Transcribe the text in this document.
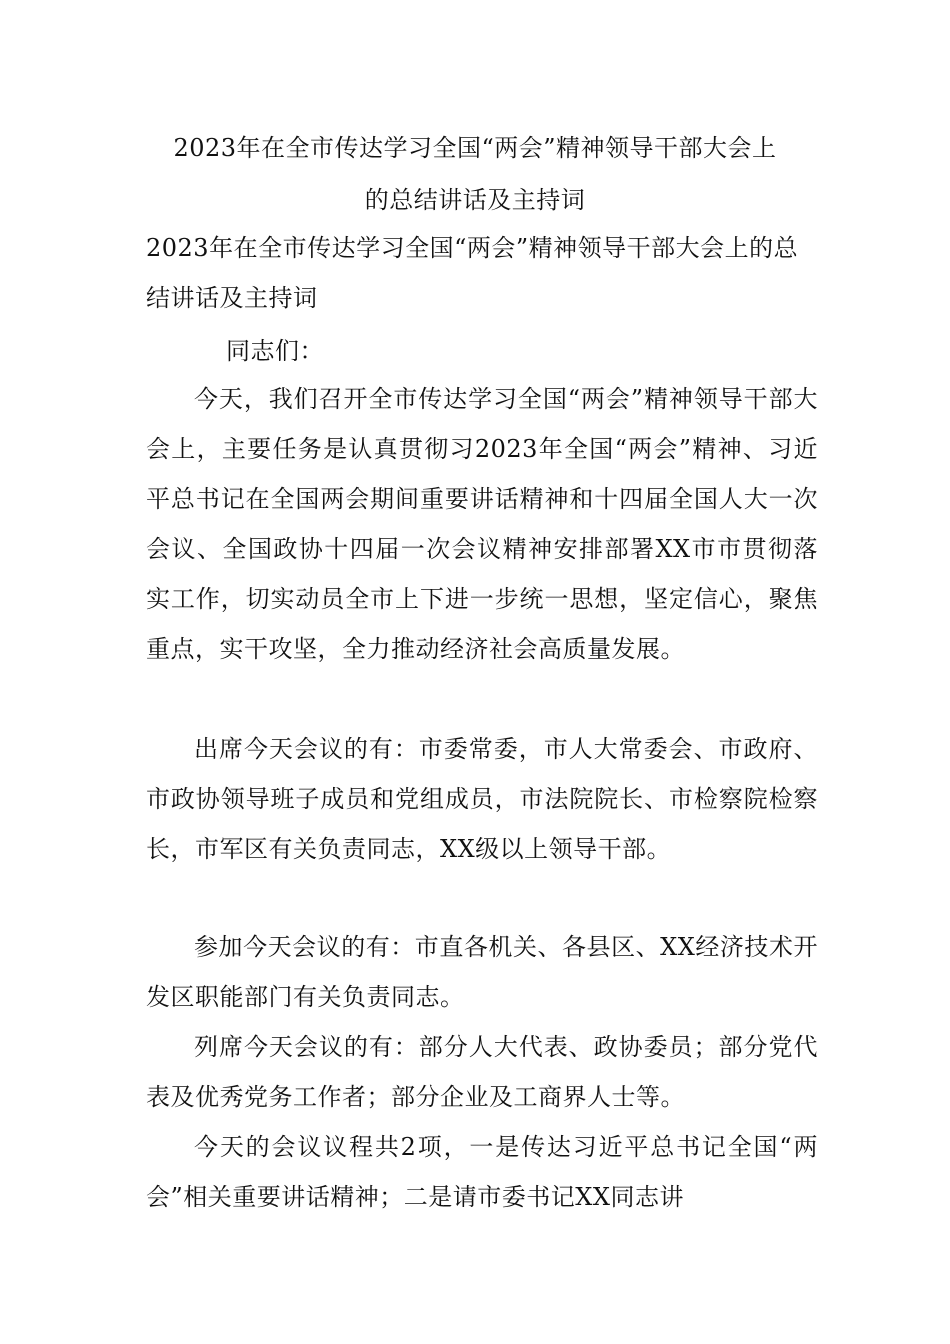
2023年在全市传达学习全国“两会”精神领导干部大会上
的总结讲话及主持词
2023年在全市传达学习全国“两会”精神领导干部大会上的总结讲话及主持词
同志们：

今天，我们召开全市传达学习全国“两会”精神领导干部大会上，主要任务是认真贯彻习2023年全国“两会”精神、习近平总书记在全国两会期间重要讲话精神和十四届全国人大一次会议、全国政协十四届一次会议精神安排部署XX市市贯彻落实工作，切实动员全市上下进一步统一思想，坚定信心，聚焦重点，实干攻坚，全力推动经济社会高质量发展。

出席今天会议的有：市委常委，市人大常委会、市政府、市政协领导班子成员和党组成员，市法院院长、市检察院检察长，市军区有关负责同志，XX级以上领导干部。

参加今天会议的有：市直各机关、各县区、XX经济技术开发区职能部门有关负责同志。

列席今天会议的有：部分人大代表、政协委员；部分党代表及优秀党务工作者；部分企业及工商界人士等。

今天的会议议程共2项，一是传达习近平总书记全国“两会”相关重要讲话精神；二是请市委书记XX同志讲
